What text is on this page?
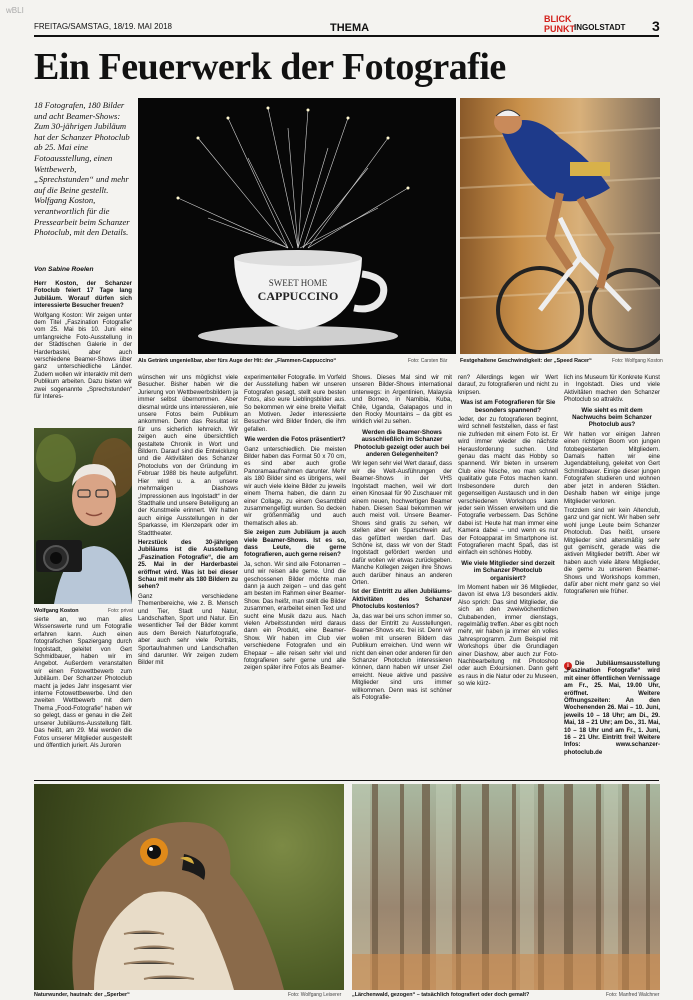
wBLI
FREITAG/SAMSTAG, 18/19. MAI 2018	THEMA
BLICK
PUNKT INGOLSTADT 3
Ein Feuerwerk der Fotografie
18 Fotografen, 180 Bilder und acht Beamer-Shows: Zum 30-jährigen Jubiläum hat der Schanzer Photoclub ab 25. Mai eine Fotoausstellung, einen Wettbewerb, „Sprechstunden“ und mehr auf die Beine gestellt. Wolfgang Koston, verantwortlich für die Pressearbeit beim Schanzer Photoclub, mit den Details.
Von Sabine Roelen

Herr Koston, der Schanzer Fotoclub feiert 17 Tage lang Jubiläum. Worauf dürfen sich interessierte Besucher freuen?

Wolfgang Koston: Wir zeigen unter dem Titel „Faszination Fotografie“ vom 25. Mai bis 10. Juni eine umfangreiche Foto-Ausstellung in der Städtischen Galerie in der Harderbastei, aber auch verschiedene Beamer-Shows über ganz unterschiedliche Länder. Zudem wollen wir interaktiv mit dem Publikum arbeiten. Dazu bieten wir zwei sogenannte „Sprechstunden“ für Interes-

Wolfgang Koston	Foto: privat
sierte an, wo man alles Wissenswerte rund um Fotografie erfahren kann. Auch einen fotografischen Spaziergang durch Ingolstadt, geleitet von Gert Schmidbauer, haben wir im Angebot. Außerdem veranstalten wir einen Fotowettbewerb zum Jubiläum. Der Schanzer Photoclub macht ja jedes Jahr insgesamt vier interne Fotowettbewerbe. Und den zweiten Wettbewerb mit dem Thema „Food-Fotografie“ haben wir so gelegt, dass er genau in die Zeit unserer Jubiläums-Ausstellung fällt. Das heißt, am 29. Mai werden die Fotos unserer Mitglieder ausgestellt und öffentlich juriert. Als Juroren
SWEET HOME
CAPPUCCINO
Als Getränk ungenießbar, aber fürs Auge der Hit: der „Flammen-Cappuccino“	Foto: Carsten Bär Festgehaltene Geschwindigkeit: der „Speed Racer“	Foto: Wolfgang Koston

wünschen wir uns möglichst viele Besucher. Bisher haben wir die Jurierung von Wettbewerbsbildern ja immer selbst übernommen. Aber diesmal würde uns interessieren, wie unsere Fotos beim Publikum ankommen. Denn das Resultat ist für uns sicherlich lehrreich. Wir zeigen auch eine übersichtlich gestaltete Chronik in Wort und Bildern. Darauf sind die Entwicklung und die Aktivitäten des Schanzer Photoclubs von der Gründung im Februar 1988 bis heute aufgeführt. Hier wird u. a. an unsere mehrmaligen Diashows „Impressionen aus Ingolstadt“ in der Stadthalle und unsere Beteiligung an der Kunstmeile erinnert. Wir hatten auch einige Ausstellungen in der Sparkasse, im Klenzepark oder im Stadttheater.

Herzstück des 30-jährigen Jubiläums ist die Ausstellung „Faszination Fotografie“, die am 25. Mai in der Harderbastei eröffnet wird. Was ist bei dieser Schau mit mehr als 180 Bildern zu sehen?

Ganz verschiedene Themenbereiche, wie z. B. Mensch und Tier, Stadt und Natur, Landschaften, Sport und Natur. Ein wesentlicher Teil der Bilder kommt aus dem Bereich Naturfotografie, aber auch sehr viele Porträts, Sportaufnahmen und Landschaften sind darunter. Wir zeigen zudem Bilder mit

experimenteller Fotografie. Im Vorfeld der Ausstellung haben wir unseren Fotografen gesagt, stellt eure besten Fotos, also eure Lieblingsbilder aus. So bekommen wir eine breite Vielfalt an Motiven. Jeder interessierte Besucher wird Bilder finden, die ihm gefallen.

Wie werden die Fotos präsentiert?

Ganz unterschiedlich. Die meisten Bilder haben das Format 50 x 70 cm, es sind aber auch große Panoramaaufnahmen darunter. Mehr als 180 Bilder sind es übrigens, weil wir auch viele kleine Bilder zu jeweils einem Thema haben, die dann zu einer Collage, zu einem Gesamtbild zusammengefügt wurden. So decken wir größenmäßig und auch thematisch alles ab.

Sie zeigen zum Jubiläum ja auch viele Beamer-Shows. Ist es so, dass Leute, die gerne fotografieren, auch gerne reisen?

Ja, schon. Wir sind alle Fotonarren – und wir reisen alle gerne. Und die geschossenen Bilder möchte man dann ja auch zeigen – und das geht am besten im Rahmen einer Beamer-Show. Das heißt, man stellt die Bilder zusammen, erarbeitet einen Text und sucht eine Musik dazu aus. Nach vielen Arbeitsstunden wird daraus dann ein Produkt, eine Beamer-Show. Wir haben im Club vier verschiedene Fotografen und ein Ehepaar – alle reisen sehr viel und fotografieren sehr gerne und alle zeigen später ihre Fotos als Beamer-

Shows. Dieses Mal sind wir mit unseren Bilder-Shows international unterwegs: in Argentinien, Malaysia und Borneo, in Namibia, Kuba, Chile, Uganda, Galapagos und in den Rocky Mountains – da gibt es wirklich viel zu sehen.

Werden die Beamer-Shows ausschließlich im Schanzer Photoclub gezeigt oder auch bei anderen Gelegenheiten?

Wir legen sehr viel Wert darauf, dass wir die Welt-Ausführungen der Beamer-Shows in der VHS Ingolstadt machen, weil wir dort einen Kinosaal für 90 Zuschauer mit einem neuen, hochwertigen Beamer haben. Diesen Saal bekommen wir auch meist voll. Unsere Beamer-Shows sind gratis zu sehen, wir stellen aber ein Sparschwein auf, das gefüttert werden darf. Das Schöne ist, dass wir von der Stadt Ingolstadt gefördert werden und dafür wollen wir etwas zurückgeben. Manche Kollegen zeigen ihre Shows auch darüber hinaus an anderen Orten.

Ist der Eintritt zu allen Jubiläums-Aktivitäten des Schanzer Photoclubs kostenlos?

Ja, das war bei uns schon immer so, dass der Eintritt zu Ausstellungen, Beamer-Shows etc. frei ist. Denn wir wollen mit unseren Bildern das Publikum erreichen. Und wenn wir nicht den einen oder anderen für den Schanzer Photoclub interessieren können, dann haben wir unser Ziel erreicht. Neue aktive und passive Mitglieder sind uns immer willkommen. Denn was ist schöner als Fotografie-

ren? Allerdings legen wir Wert darauf, zu fotografieren und nicht zu knipsen.

Was ist am Fotografieren für Sie besonders spannend?

Jeder, der zu fotografieren beginnt, wird schnell feststellen, dass er fast nie zufrieden mit einem Foto ist. Er wird immer wieder die nächste Herausforderung suchen. Und genau das macht das Hobby so spannend. Wir bieten in unserem Club eine Nische, wo man schnell qualitativ gute Fotos machen kann. Insbesondere durch den gegenseitigen Austausch und in den verschiedenen Workshops kann jeder sein Wissen erweitern und die Fotografie verbessern. Das Schöne dabei ist: Heute hat man immer eine Kamera dabei – und wenn es nur der Fotoapparat im Smartphone ist. Fotografieren macht Spaß, das ist einfach ein schönes Hobby.

Wie viele Mitglieder sind derzeit im Schanzer Photoclub organisiert?

Im Moment haben wir 36 Mitglieder, davon ist etwa 1/3 besonders aktiv. Also sprich: Das sind Mitglieder, die sich an den zweiwöchentlichen Clubabenden, immer dienstags, regelmäßig treffen. Aber es gibt noch mehr, wir haben ja immer ein volles Jahresprogramm. Zum Beispiel mit Workshops über die Grundlagen einer Diashow, aber auch zur Foto-Nachbearbeitung mit Photoshop oder auch Exkursionen. Dann geht es raus in die Natur oder zu Museen, so wie kürz-

lich ins Museum für Konkrete Kunst in Ingolstadt. Dies und viele Aktivitäten machen den Schanzer Photoclub so attraktiv.

Wie sieht es mit dem Nachwuchs beim Schanzer Photoclub aus?

Wir hatten vor einigen Jahren einen richtigen Boom von jungen fotobegeisterten Mitgliedern. Damals hatten wir eine Jugendabteilung, geleitet von Gert Schmidbauer. Einige dieser jungen Fotografen studieren und wohnen aber jetzt in anderen Städten. Deshalb haben wir einige junge Mitglieder verloren.

Trotzdem sind wir kein Altenclub, ganz und gar nicht. Wir haben sehr wohl junge Leute beim Schanzer Photoclub. Das heißt, unsere Mitglieder sind altersmäßig sehr gut gemischt, gerade was die aktiven Mitglieder betrifft. Aber wir haben auch viele ältere Mitglieder, die gerne zu unseren Beamer-Shows und Workshops kommen, dafür aber nicht mehr ganz so viel fotografieren wie früher.

i	Die Jubiläumsausstellung „Faszination Fotografie“ wird mit einer öffentlichen Vernissage am Fr., 25. Mai, 19.00 Uhr, eröffnet. Weitere Öffnungszeiten: An den Wochenenden 26. Mai – 10. Juni, jeweils 10 – 18 Uhr; am Di., 29. Mai, 18 – 21 Uhr; am Do., 31. Mai, 10 – 18 Uhr und am Fr., 1. Juni, 16 – 21 Uhr. Eintritt frei! Weitere Infos: www.schanzer-photoclub.de
Naturwunder, hautnah: der „Sperber“	Foto: Wolfgang Leiserer „Lärchenwald, gezogen“ – tatsächlich fotografiert oder doch gemalt?	Foto: Manfred Walchner
